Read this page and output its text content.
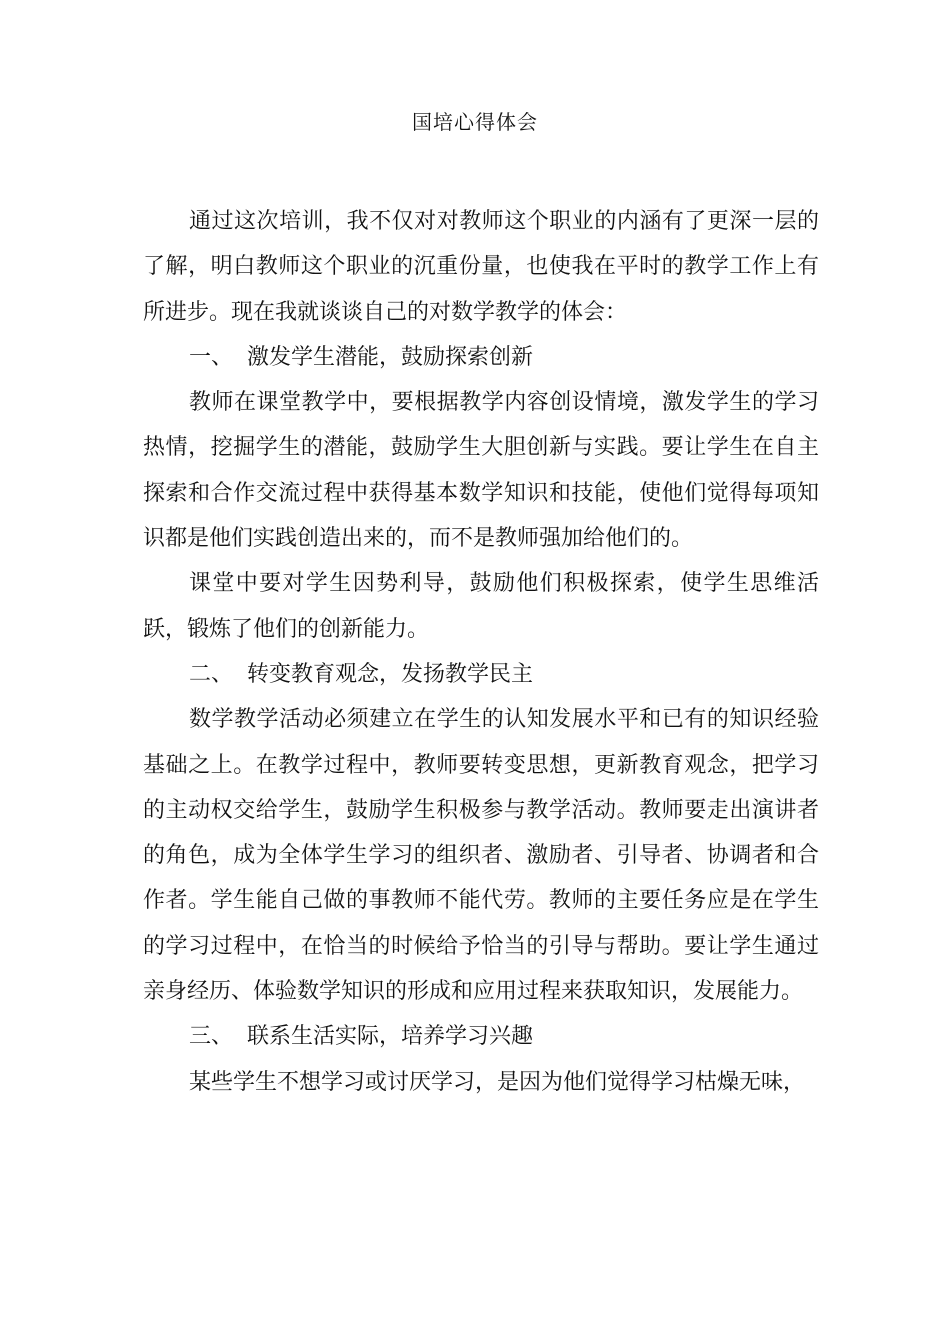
国培心得体会

通过这次培训，我不仅对对教师这个职业的内涵有了更深一层的了解，明白教师这个职业的沉重份量，也使我在平时的教学工作上有所进步。现在我就谈谈自己的对数学教学的体会：

一、 激发学生潜能，鼓励探索创新

教师在课堂教学中，要根据教学内容创设情境，激发学生的学习热情，挖掘学生的潜能，鼓励学生大胆创新与实践。要让学生在自主探索和合作交流过程中获得基本数学知识和技能，使他们觉得每项知识都是他们实践创造出来的，而不是教师强加给他们的。

课堂中要对学生因势利导，鼓励他们积极探索，使学生思维活跃，锻炼了他们的创新能力。

二、 转变教育观念，发扬教学民主

数学教学活动必须建立在学生的认知发展水平和已有的知识经验基础之上。在教学过程中，教师要转变思想，更新教育观念，把学习的主动权交给学生，鼓励学生积极参与教学活动。教师要走出演讲者的角色，成为全体学生学习的组织者、激励者、引导者、协调者和合作者。学生能自己做的事教师不能代劳。教师的主要任务应是在学生的学习过程中，在恰当的时候给予恰当的引导与帮助。要让学生通过亲身经历、体验数学知识的形成和应用过程来获取知识，发展能力。

三、 联系生活实际，培养学习兴趣

某些学生不想学习或讨厌学习，是因为他们觉得学习枯燥无味，
